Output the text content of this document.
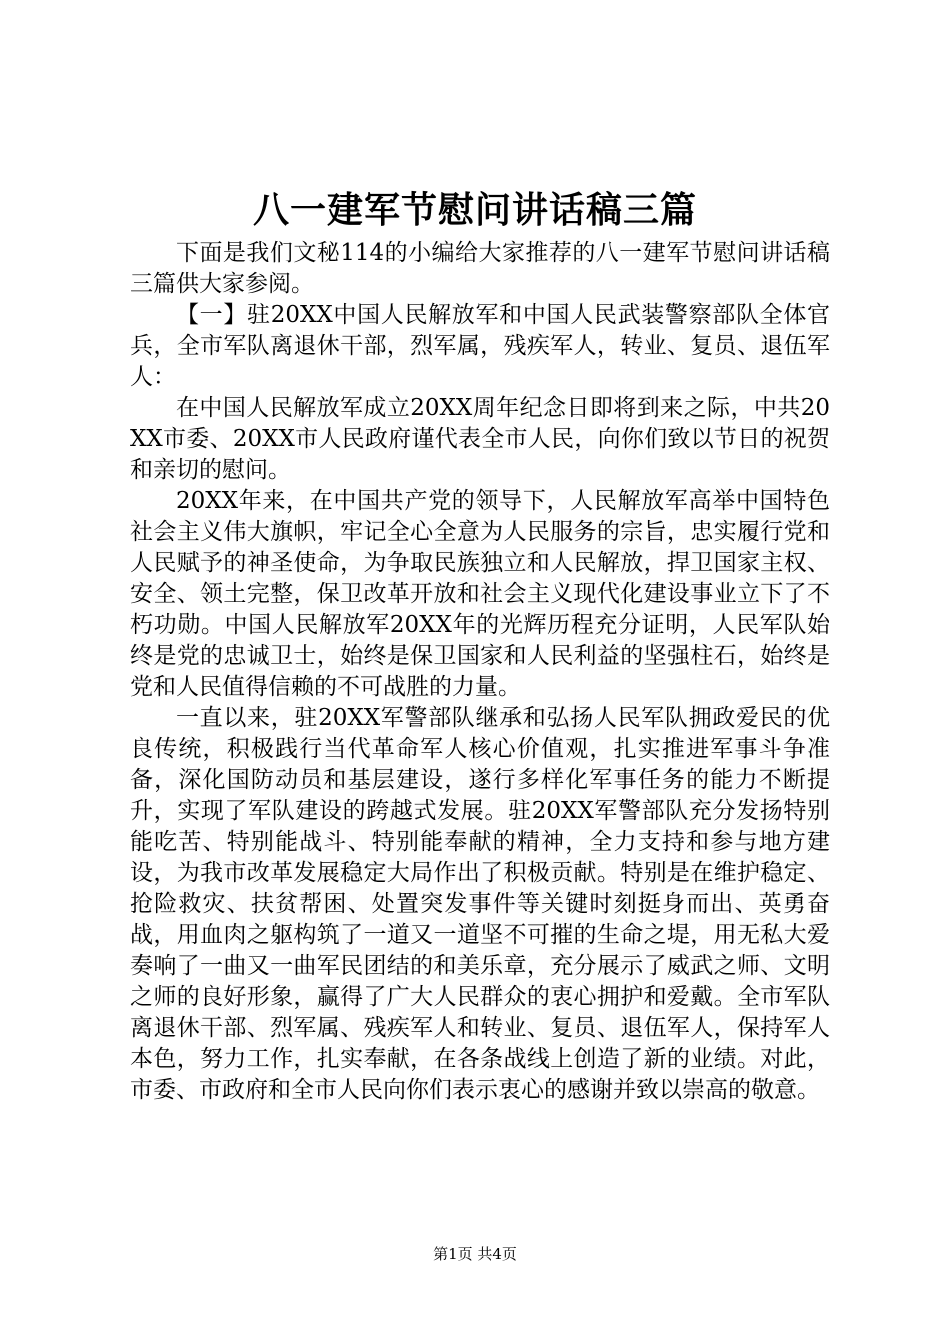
八一建军节慰问讲话稿三篇

下面是我们文秘114的小编给大家推荐的八一建军节慰问讲话稿三篇供大家参阅。

【一】驻20XX中国人民解放军和中国人民武装警察部队全体官兵，全市军队离退休干部，烈军属，残疾军人，转业、复员、退伍军人：

在中国人民解放军成立20XX周年纪念日即将到来之际，中共20XX市委、20XX市人民政府谨代表全市人民，向你们致以节日的祝贺和亲切的慰问。

20XX年来，在中国共产党的领导下，人民解放军高举中国特色社会主义伟大旗帜，牢记全心全意为人民服务的宗旨，忠实履行党和人民赋予的神圣使命，为争取民族独立和人民解放，捍卫国家主权、安全、领土完整，保卫改革开放和社会主义现代化建设事业立下了不朽功勋。中国人民解放军20XX年的光辉历程充分证明，人民军队始终是党的忠诚卫士，始终是保卫国家和人民利益的坚强柱石，始终是党和人民值得信赖的不可战胜的力量。

一直以来，驻20XX军警部队继承和弘扬人民军队拥政爱民的优良传统，积极践行当代革命军人核心价值观，扎实推进军事斗争准备，深化国防动员和基层建设，遂行多样化军事任务的能力不断提升，实现了军队建设的跨越式发展。驻20XX军警部队充分发扬特别能吃苦、特别能战斗、特别能奉献的精神，全力支持和参与地方建设，为我市改革发展稳定大局作出了积极贡献。特别是在维护稳定、抢险救灾、扶贫帮困、处置突发事件等关键时刻挺身而出、英勇奋战，用血肉之躯构筑了一道又一道坚不可摧的生命之堤，用无私大爱奏响了一曲又一曲军民团结的和美乐章，充分展示了威武之师、文明之师的良好形象，赢得了广大人民群众的衷心拥护和爱戴。全市军队离退休干部、烈军属、残疾军人和转业、复员、退伍军人，保持军人本色，努力工作，扎实奉献，在各条战线上创造了新的业绩。对此，市委、市政府和全市人民向你们表示衷心的感谢并致以崇高的敬意。

第1页 共4页
